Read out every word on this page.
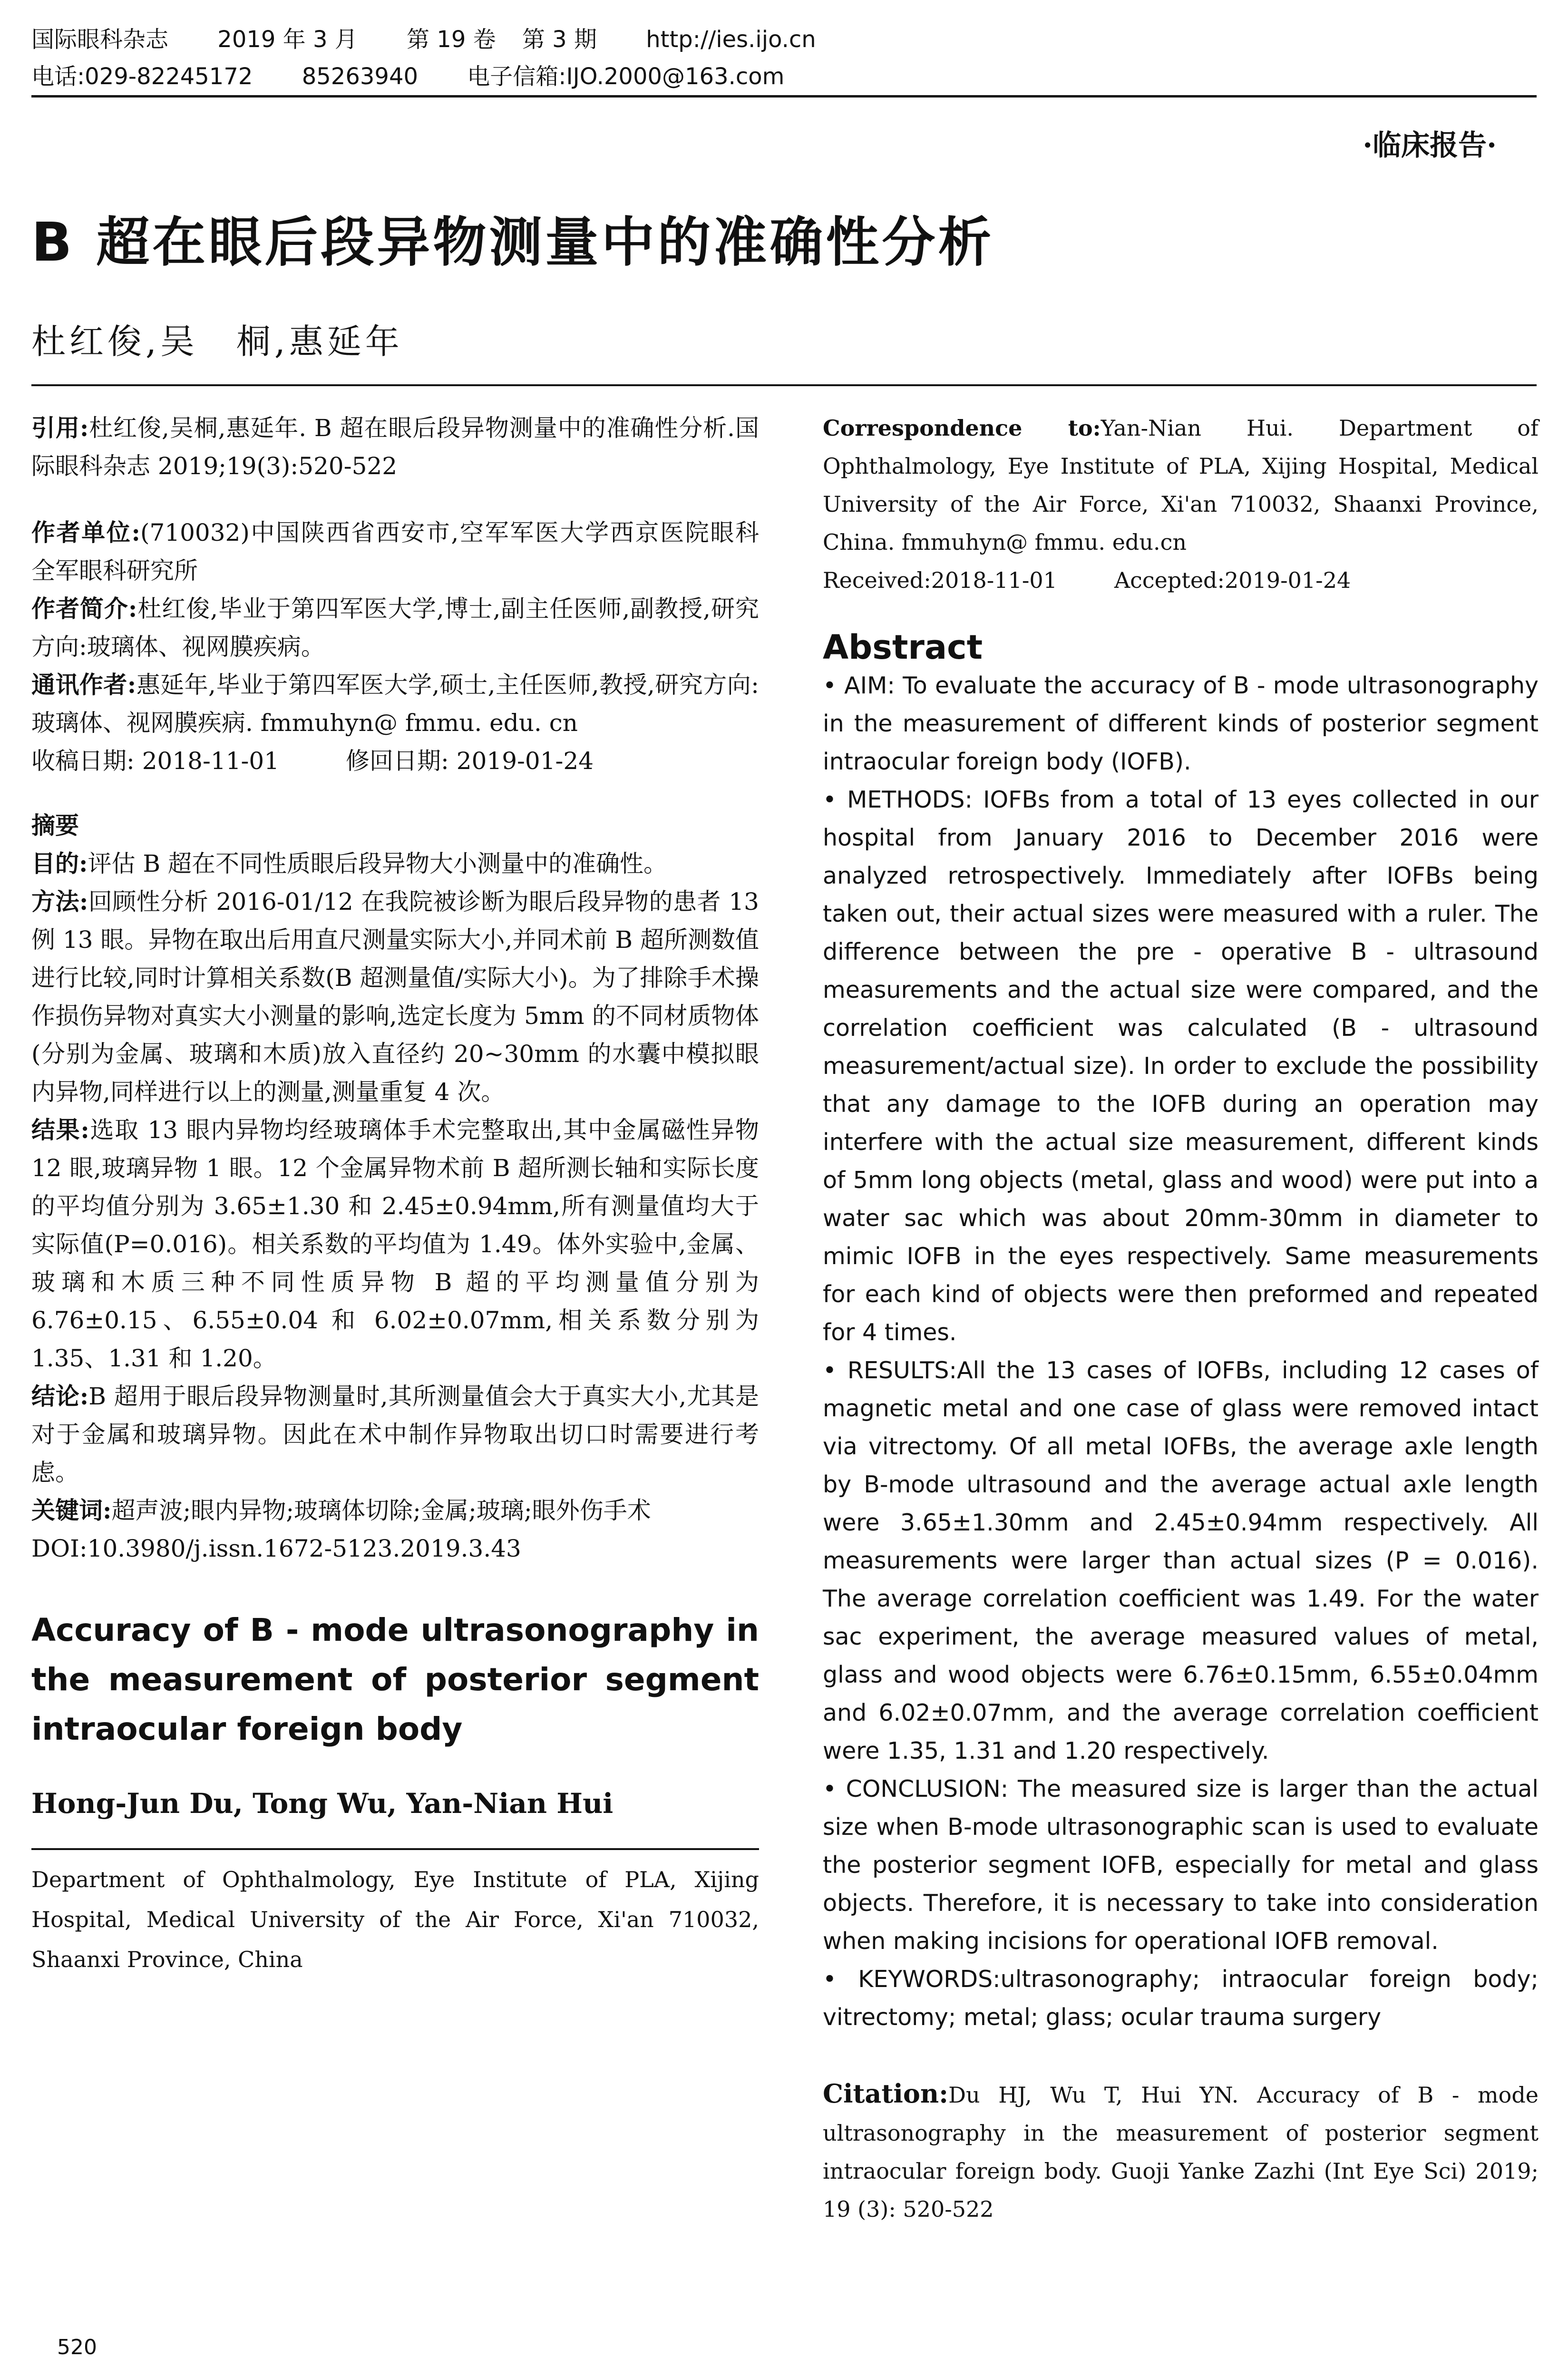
国际眼科杂志 2019 年 3 月 第 19 卷 第 3 期 http://ies.ijo.cn
电话:029-82245172 85263940 电子信箱:IJO.2000@163.com
·临床报告·
B 超在眼后段异物测量中的准确性分析
杜红俊,吴　桐,惠延年

引用:杜红俊,吴桐,惠延年. B 超在眼后段异物测量中的准确性分析.国际眼科杂志 2019;19(3):520-522

作者单位:(710032)中国陕西省西安市,空军军医大学西京医院眼科 全军眼科研究所

作者简介:杜红俊,毕业于第四军医大学,博士,副主任医师,副教授,研究方向:玻璃体、视网膜疾病。

通讯作者:惠延年,毕业于第四军医大学,硕士,主任医师,教授,研究方向:玻璃体、视网膜疾病. fmmuhyn@ fmmu. edu. cn

收稿日期: 2018-11-01	修回日期: 2019-01-24

摘要

目的:评估 B 超在不同性质眼后段异物大小测量中的准确性。

方法:回顾性分析 2016-01/12 在我院被诊断为眼后段异物的患者 13 例 13 眼。异物在取出后用直尺测量实际大小,并同术前 B 超所测数值进行比较,同时计算相关系数(B 超测量值/实际大小)。为了排除手术操作损伤异物对真实大小测量的影响,选定长度为 5mm 的不同材质物体(分别为金属、玻璃和木质)放入直径约 20~30mm 的水囊中模拟眼内异物,同样进行以上的测量,测量重复 4 次。

结果:选取 13 眼内异物均经玻璃体手术完整取出,其中金属磁性异物 12 眼,玻璃异物 1 眼。12 个金属异物术前 B 超所测长轴和实际长度的平均值分别为 3.65±1.30 和 2.45±0.94mm,所有测量值均大于实际值(P=0.016)。相关系数的平均值为 1.49。体外实验中,金属、玻璃和木质三种不同性质异物 B 超的平均测量值分别为 6.76±0.15、6.55±0.04 和 6.02±0.07mm,相关系数分别为 1.35、1.31 和 1.20。

结论:B 超用于眼后段异物测量时,其所测量值会大于真实大小,尤其是对于金属和玻璃异物。因此在术中制作异物取出切口时需要进行考虑。

关键词:超声波;眼内异物;玻璃体切除;金属;玻璃;眼外伤手术

DOI:10.3980/j.issn.1672-5123.2019.3.43

Accuracy of B - mode ultrasonography in the measurement of posterior segment intraocular foreign body
Hong-Jun Du, Tong Wu, Yan-Nian Hui
Department of Ophthalmology, Eye Institute of PLA, Xijing Hospital, Medical University of the Air Force, Xi'an 710032, Shaanxi Province, China
Correspondence to:Yan-Nian Hui. Department of Ophthalmology, Eye Institute of PLA, Xijing Hospital, Medical University of the Air Force, Xi'an 710032, Shaanxi Province, China. fmmuhyn@ fmmu. edu.cn
Received:2018-11-01	Accepted:2019-01-24
Abstract

• AIM: To evaluate the accuracy of B - mode ultrasonography in the measurement of different kinds of posterior segment intraocular foreign body (IOFB).

• METHODS: IOFBs from a total of 13 eyes collected in our hospital from January 2016 to December 2016 were analyzed retrospectively. Immediately after IOFBs being taken out, their actual sizes were measured with a ruler. The difference between the pre - operative B - ultrasound measurements and the actual size were compared, and the correlation coefficient was calculated (B - ultrasound measurement/actual size). In order to exclude the possibility that any damage to the IOFB during an operation may interfere with the actual size measurement, different kinds of 5mm long objects (metal, glass and wood) were put into a water sac which was about 20mm-30mm in diameter to mimic IOFB in the eyes respectively. Same measurements for each kind of objects were then preformed and repeated for 4 times.

• RESULTS:All the 13 cases of IOFBs, including 12 cases of magnetic metal and one case of glass were removed intact via vitrectomy. Of all metal IOFBs, the average axle length by B-mode ultrasound and the average actual axle length were 3.65±1.30mm and 2.45±0.94mm respectively. All measurements were larger than actual sizes (P = 0.016). The average correlation coefficient was 1.49. For the water sac experiment, the average measured values of metal, glass and wood objects were 6.76±0.15mm, 6.55±0.04mm and 6.02±0.07mm, and the average correlation coefficient were 1.35, 1.31 and 1.20 respectively.

• CONCLUSION: The measured size is larger than the actual size when B-mode ultrasonographic scan is used to evaluate the posterior segment IOFB, especially for metal and glass objects. Therefore, it is necessary to take into consideration when making incisions for operational IOFB removal.

• KEYWORDS:ultrasonography; intraocular foreign body; vitrectomy; metal; glass; ocular trauma surgery

Citation:Du HJ, Wu T, Hui YN. Accuracy of B - mode ultrasonography in the measurement of posterior segment intraocular foreign body. Guoji Yanke Zazhi (Int Eye Sci) 2019; 19 (3): 520-522
520
